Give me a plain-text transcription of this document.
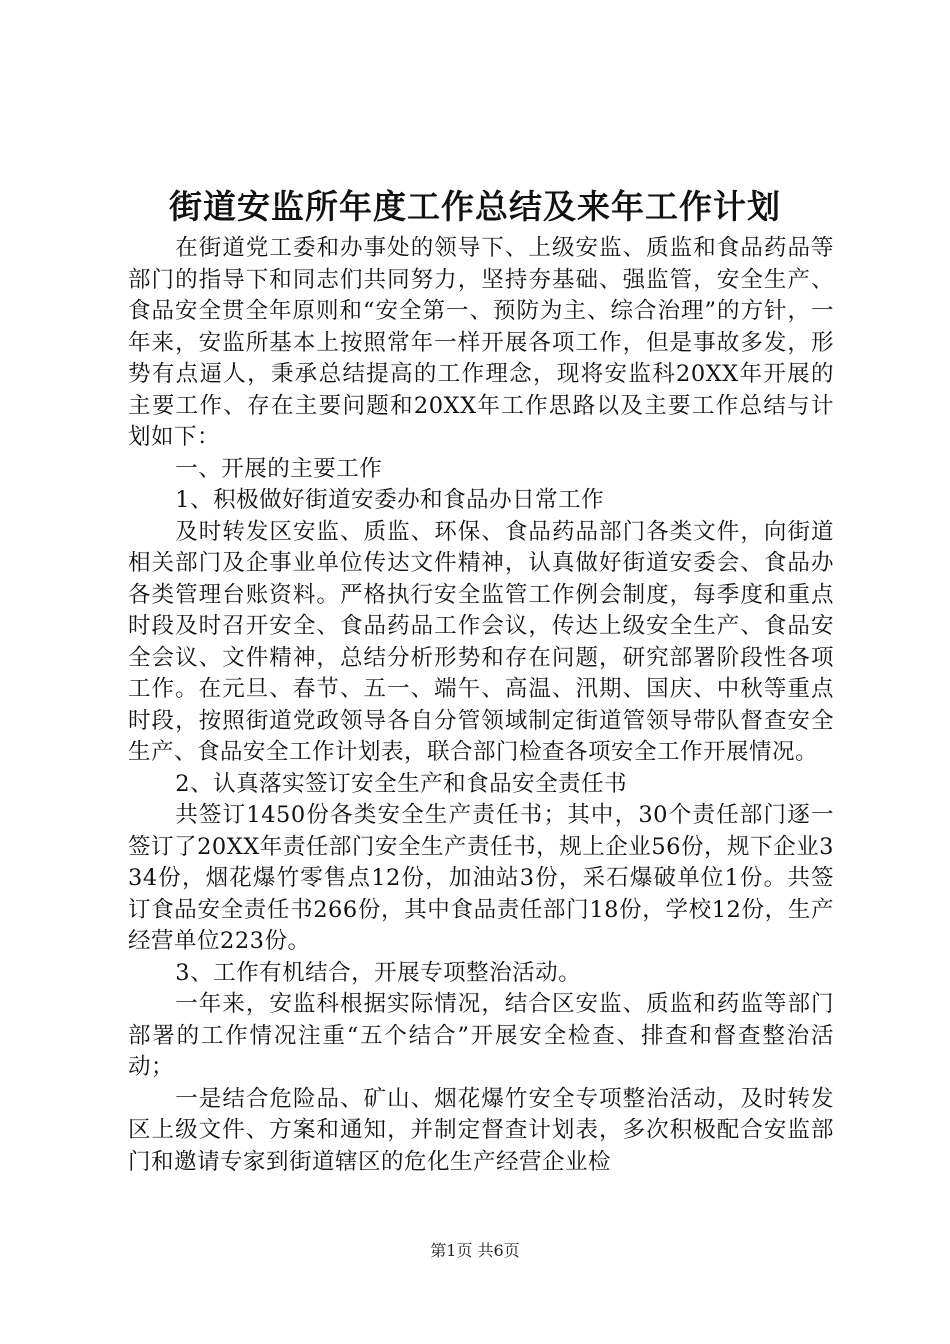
街道安监所年度工作总结及来年工作计划

在街道党工委和办事处的领导下、上级安监、质监和食品药品等部门的指导下和同志们共同努力，坚持夯基础、强监管，安全生产、食品安全贯全年原则和“安全第一、预防为主、综合治理”的方针，一年来，安监所基本上按照常年一样开展各项工作，但是事故多发，形势有点逼人，秉承总结提高的工作理念，现将安监科20XX年开展的主要工作、存在主要问题和20XX年工作思路以及主要工作总结与计划如下：

一、开展的主要工作

1、积极做好街道安委办和食品办日常工作

及时转发区安监、质监、环保、食品药品部门各类文件，向街道相关部门及企事业单位传达文件精神，认真做好街道安委会、食品办各类管理台账资料。严格执行安全监管工作例会制度，每季度和重点时段及时召开安全、食品药品工作会议，传达上级安全生产、食品安全会议、文件精神，总结分析形势和存在问题，研究部署阶段性各项工作。在元旦、春节、五一、端午、高温、汛期、国庆、中秋等重点时段，按照街道党政领导各自分管领域制定街道管领导带队督查安全生产、食品安全工作计划表，联合部门检查各项安全工作开展情况。

2、认真落实签订安全生产和食品安全责任书

共签订1450份各类安全生产责任书；其中，30个责任部门逐一签订了20XX年责任部门安全生产责任书，规上企业56份，规下企业334份，烟花爆竹零售点12份，加油站3份，采石爆破单位1份。共签订食品安全责任书266份，其中食品责任部门18份，学校12份，生产经营单位223份。

3、工作有机结合，开展专项整治活动。

一年来，安监科根据实际情况，结合区安监、质监和药监等部门部署的工作情况注重“五个结合”开展安全检查、排查和督查整治活动；

一是结合危险品、矿山、烟花爆竹安全专项整治活动，及时转发区上级文件、方案和通知，并制定督查计划表，多次积极配合安监部门和邀请专家到街道辖区的危化生产经营企业检

第1页 共6页
